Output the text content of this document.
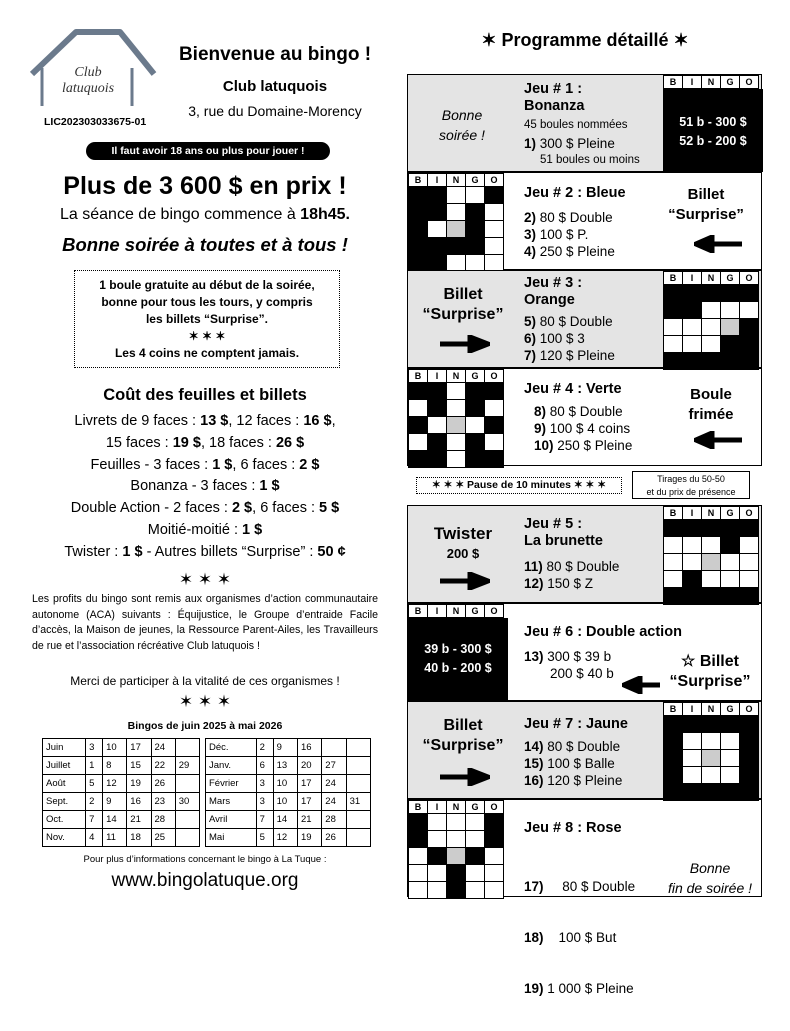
Club
latuquois
LIC202303033675-01
Bienvenue au bingo !
Club latuquois
3, rue du Domaine-Morency
Il faut avoir 18 ans ou plus pour jouer !
Plus de 3 600 $ en prix !
La séance de bingo commence à 18h45.
Bonne soirée à toutes et à tous !
1 boule gratuite au début de la soirée,
bonne pour tous les tours, y compris
les billets “Surprise”.
✶ ✶ ✶
Les 4 coins ne comptent jamais.
Coût des feuilles et billets
Livrets de 9 faces : 13 $, 12 faces : 16 $,
15 faces : 19 $, 18 faces : 26 $
Feuilles - 3 faces : 1 $, 6 faces : 2 $
Bonanza - 3 faces : 1 $
Double Action - 2 faces : 2 $, 6 faces : 5 $
Moitié-moitié : 1 $
Twister : 1 $ - Autres billets “Surprise” : 50 ¢
✶ ✶ ✶
Les profits du bingo sont remis aux organismes d’action communautaire autonome (ACA) suivants : Équijustice, le Groupe d’entraide Facile d’accès, la Maison de jeunes, la Ressource Parent-Ailes, les Travailleurs de rue et l’association récréative Club latuquois !
Merci de participer à la vitalité de ces organismes !
✶ ✶ ✶
Bingos de juin 2025 à mai 2026
Juin	3	10	17	24	
Juillet	1	8	15	22	29
Août	5	12	19	26	
Sept.	2	9	16	23	30
Oct.	7	14	21	28	
Nov.	4	11	18	25	
Déc.	2	9	16		
Janv.	6	13	20	27	
Février	3	10	17	24	
Mars	3	10	17	24	31
Avril	7	14	21	28	
Mai	5	12	19	26	
Pour plus d’informations concernant le bingo à La Tuque :
www.bingolatuque.org
✶ Programme détaillé ✶
Bonne
soirée !
Jeu # 1 :
Bonanza
45 boules nommées
1) 300 $ Pleine
51 boules ou moins
B	I	N	G	O
51 b - 300 $
52 b - 200 $
B	I	N	G	O

Jeu # 2 : Bleue
2) 80 $ Double
3) 100 $ P.
4) 250 $ Pleine
Billet
“Surprise”
Billet
“Surprise”
Jeu # 3 :
Orange
5) 80 $ Double
6) 100 $ 3
7) 120 $ Pleine
B	I	N	G	O

B	I	N	G	O

Jeu # 4 : Verte
8) 80 $ Double
9) 100 $ 4 coins
10) 250 $ Pleine
Boule
frimée
✶ ✶ ✶ Pause de 10 minutes ✶ ✶ ✶	Tirages du 50-50
et du prix de présence
Twister
200 $
Jeu # 5 :
La brunette
11) 80 $ Double
12) 150 $ Z
B	I	N	G	O

B	I	N	G	O
39 b - 300 $
40 b - 200 $
Jeu # 6 : Double action
13) 300 $ 39 b
200 $ 40 b
☆ Billet
“Surprise”
Billet
“Surprise”
Jeu # 7 : Jaune
14) 80 $ Double
15) 100 $ Balle
16) 120 $ Pleine
B	I	N	G	O

B	I	N	G	O

Jeu # 8 : Rose

17)     80 $ Double

18)    100 $ But

19) 1 000 $ Pleine

Bonne
fin de soirée !
